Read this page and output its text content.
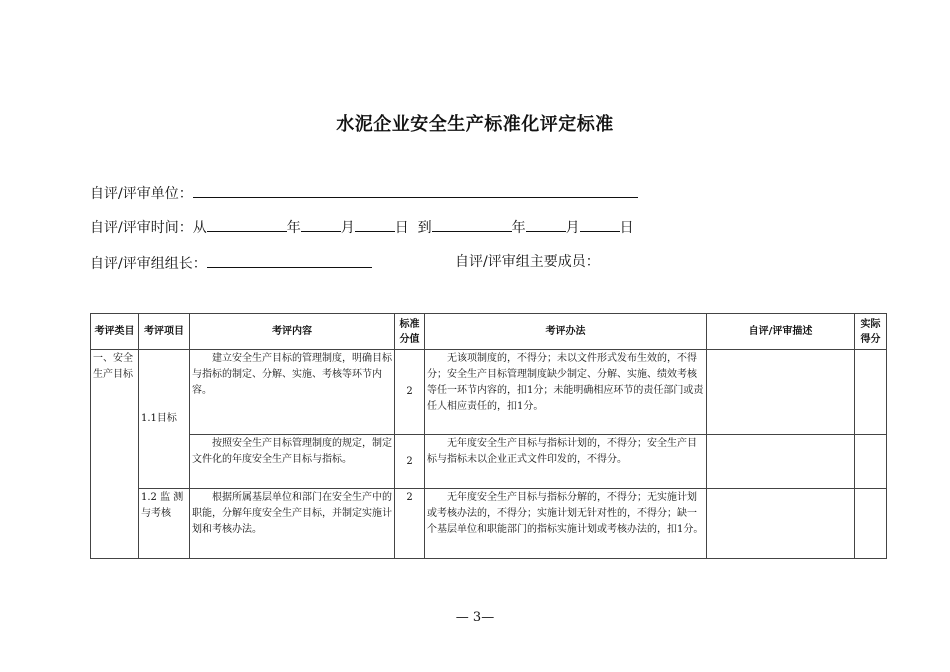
水泥企业安全生产标准化评定标准
自评/评审单位：
自评/评审时间：从	年	月	日 到	年	月	日
自评/评审组组长：	自评/评审组主要成员：
考评类目	考评项目	考评内容	标准分值	考评办法	自评/评审描述	实际得分
一、安全生产目标	1.1目标	建立安全生产目标的管理制度，明确目标与指标的制定、分解、实施、考核等环节内容。	2	无该项制度的，不得分；未以文件形式发布生效的，不得分；安全生产目标管理制度缺少制定、分解、实施、绩效考核等任一环节内容的，扣1分；未能明确相应环节的责任部门或责任人相应责任的，扣1分。		
		按照安全生产目标管理制度的规定，制定文件化的年度安全生产目标与指标。	2	无年度安全生产目标与指标计划的，不得分；安全生产目标与指标未以企业正式文件印发的，不得分。		
	1.2 监 测与考核	根据所属基层单位和部门在安全生产中的职能，分解年度安全生产目标，并制定实施计划和考核办法。	2	无年度安全生产目标与指标分解的，不得分；无实施计划或考核办法的，不得分；实施计划无针对性的，不得分；缺一个基层单位和职能部门的指标实施计划或考核办法的，扣1分。		
— 3—
